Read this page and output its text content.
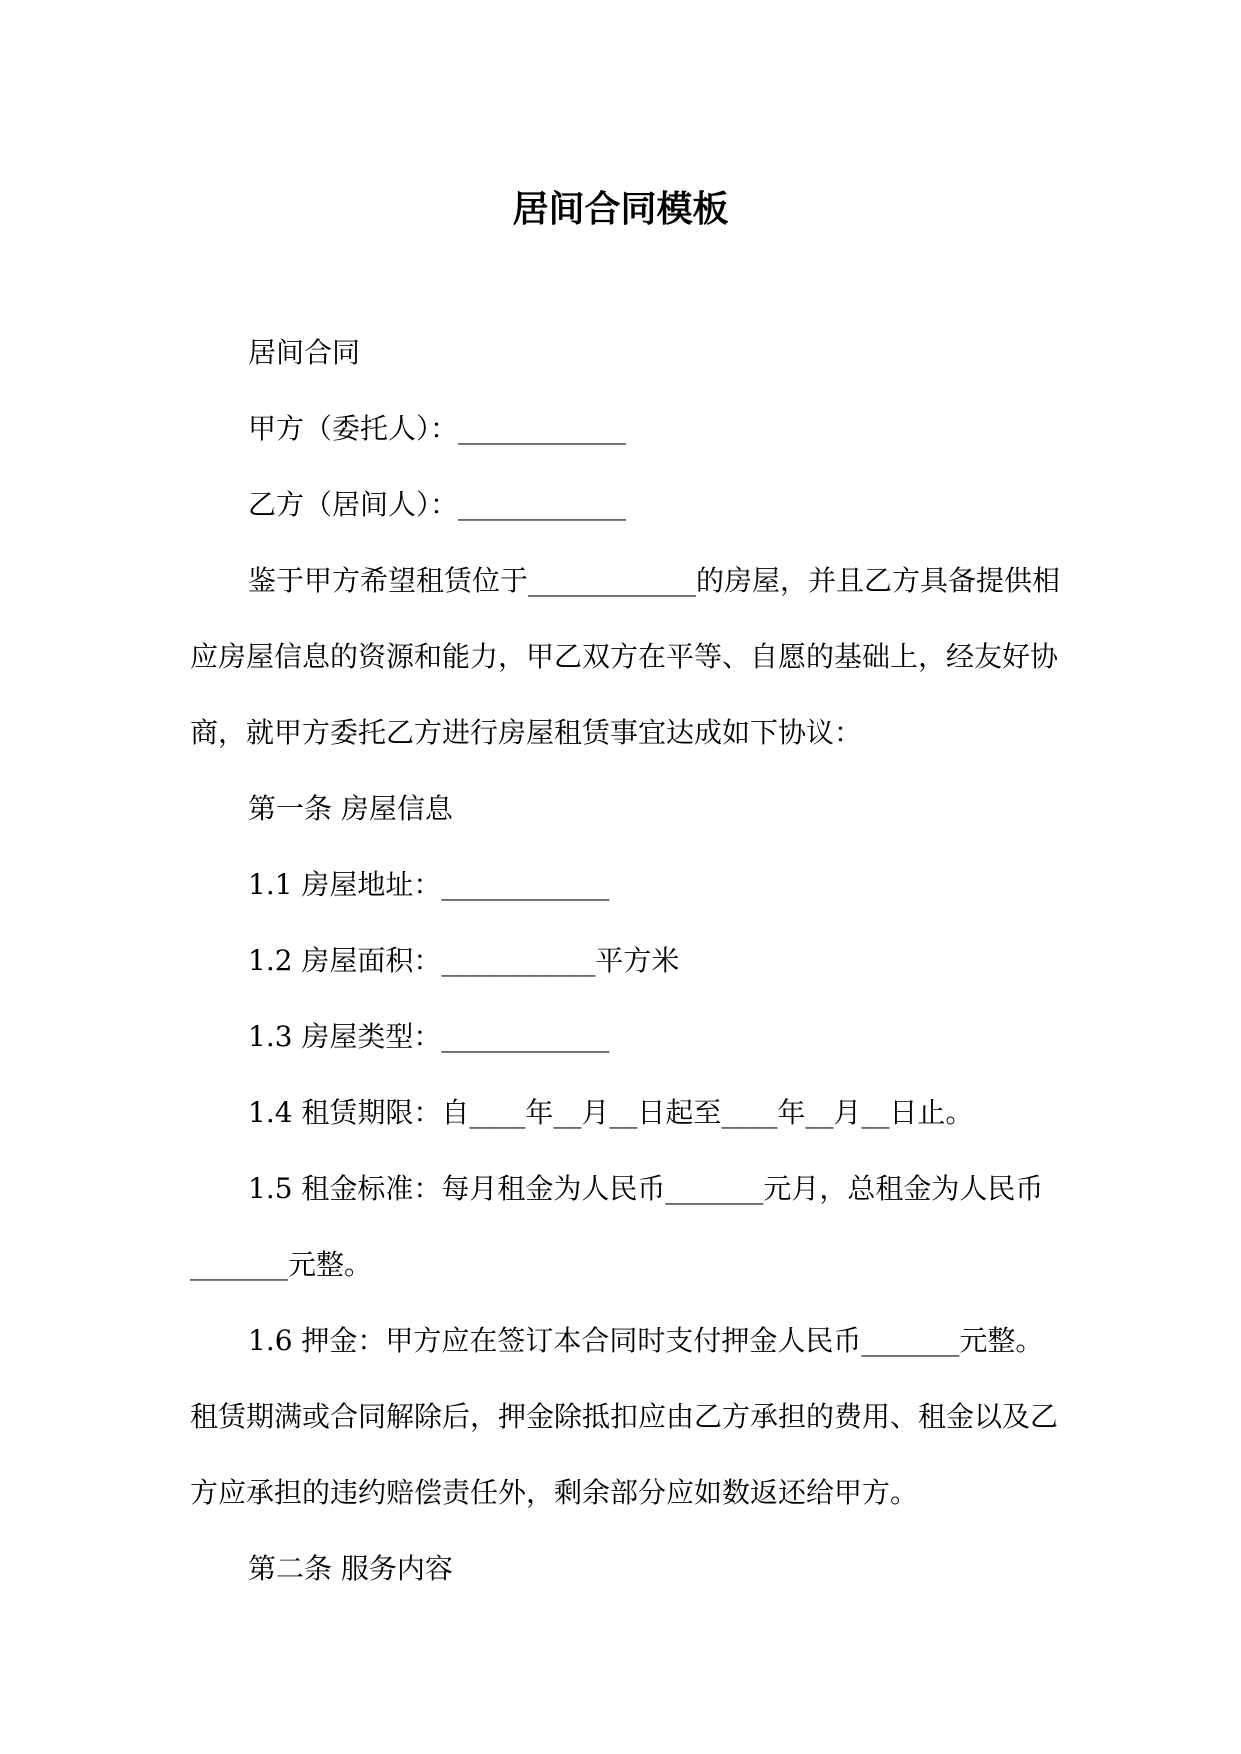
居间合同模板

居间合同

甲方（委托人）：____________

乙方（居间人）：____________

鉴于甲方希望租赁位于____________的房屋，并且乙方具备提供相应房屋信息的资源和能力，甲乙双方在平等、自愿的基础上，经友好协商，就甲方委托乙方进行房屋租赁事宜达成如下协议：

第一条 房屋信息

1.1 房屋地址：____________

1.2 房屋面积：___________平方米

1.3 房屋类型：____________

1.4 租赁期限：自____年__月__日起至____年__月__日止。

1.5 租金标准：每月租金为人民币_______元月，总租金为人民币_______元整。

1.6 押金：甲方应在签订本合同时支付押金人民币_______元整。租赁期满或合同解除后，押金除抵扣应由乙方承担的费用、租金以及乙方应承担的违约赔偿责任外，剩余部分应如数返还给甲方。

第二条 服务内容
